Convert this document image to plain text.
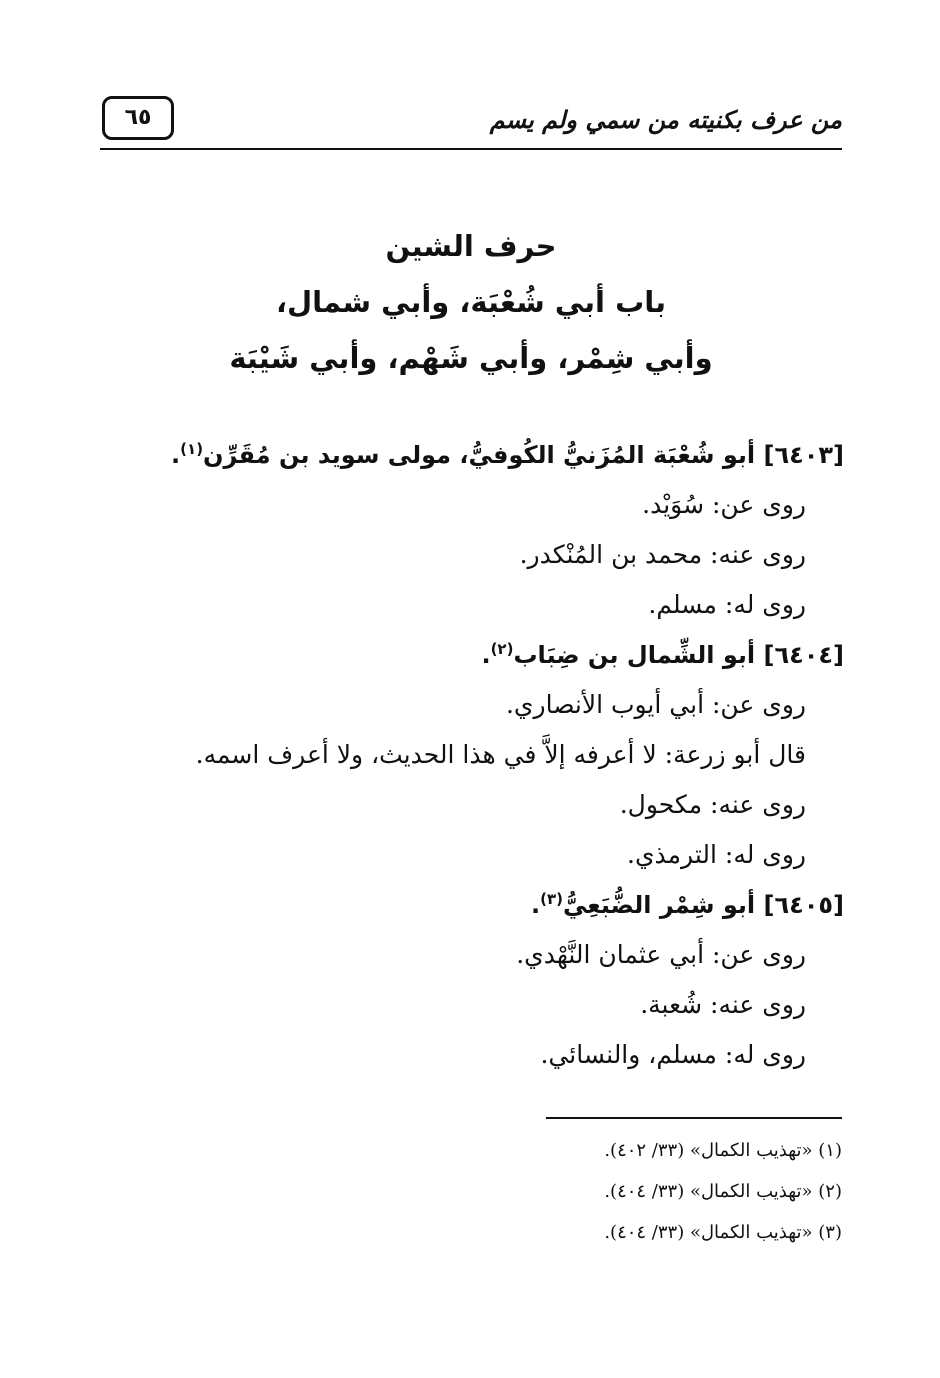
من عرف بكنيته من سمي ولم يسم
٦٥
حرف الشين
باب أبي شُعْبَة، وأبي شمال،
وأبي شِمْر، وأبي شَهْم، وأبي شَيْبَة
[٦٤٠٣] أبو شُعْبَة المُزَنيُّ الكُوفيُّ، مولى سويد بن مُقَرِّن$^{(١)}$.
روى عن: سُوَيْد.
روى عنه: محمد بن المُنْكدر.
روى له: مسلم.
[٦٤٠٤] أبو الشِّمال بن ضِبَاب$^{(٢)}$.
روى عن: أبي أيوب الأنصاري.
قال أبو زرعة: لا أعرفه إلاَّ في هذا الحديث، ولا أعرف اسمه.
روى عنه: مكحول.
روى له: الترمذي.
[٦٤٠٥] أبو شِمْر الضُّبَعِيُّ$^{(٣)}$.
روى عن: أبي عثمان النَّهْدي.
روى عنه: شُعبة.
روى له: مسلم، والنسائي.
(١) «تهذيب الكمال» (٣٣/ ٤٠٢).
(٢) «تهذيب الكمال» (٣٣/ ٤٠٤).
(٣) «تهذيب الكمال» (٣٣/ ٤٠٤).
